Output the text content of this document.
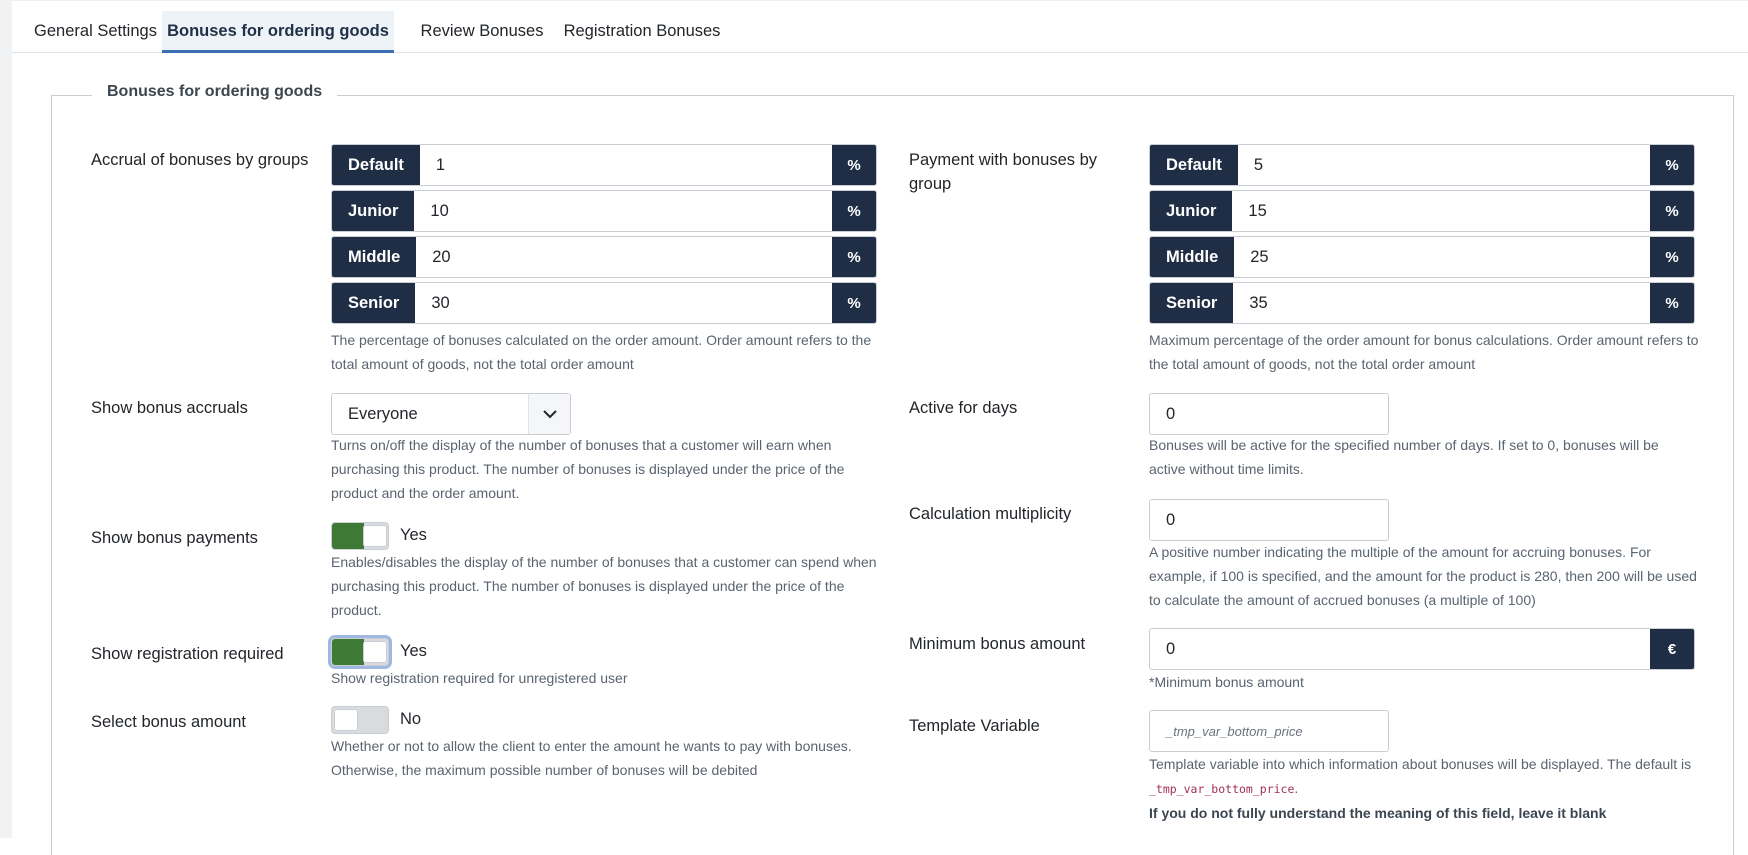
General Settings Bonuses for ordering goods	Review Bonuses	Registration Bonuses
Bonuses for ordering goods
Accrual of bonuses by groups	Default	1	%
Junior	10	%
Middle	20	%
Senior	30	%
The percentage of bonuses calculated on the order amount. Order amount refers to the total amount of goods, not the total order amount
Show bonus accruals	Everyone
Turns on/off the display of the number of bonuses that a customer will earn when purchasing this product. The number of bonuses is displayed under the price of the product and the order amount.
Show bonus payments	Yes
Enables/disables the display of the number of bonuses that a customer can spend when purchasing this product. The number of bonuses is displayed under the price of the product.
Show registration required	Yes
Show registration required for unregistered user
Select bonus amount	No
Whether or not to allow the client to enter the amount he wants to pay with bonuses. Otherwise, the maximum possible number of bonuses will be debited
Payment with bonuses by group
Default	5	%
Junior	15	%
Middle	25	%
Senior	35	%
Maximum percentage of the order amount for bonus calculations. Order amount refers to the total amount of goods, not the total order amount
Active for days	0
Bonuses will be active for the specified number of days. If set to 0, bonuses will be active without time limits.
Calculation multiplicity	0
A positive number indicating the multiple of the amount for accruing bonuses. For example, if 100 is specified, and the amount for the product is 280, then 200 will be used to calculate the amount of accrued bonuses (a multiple of 100)
Minimum bonus amount	0	€
*Minimum bonus amount
Template Variable	_tmp_var_bottom_price
Template variable into which information about bonuses will be displayed. The default is _tmp_var_bottom_price.
If you do not fully understand the meaning of this field, leave it blank
